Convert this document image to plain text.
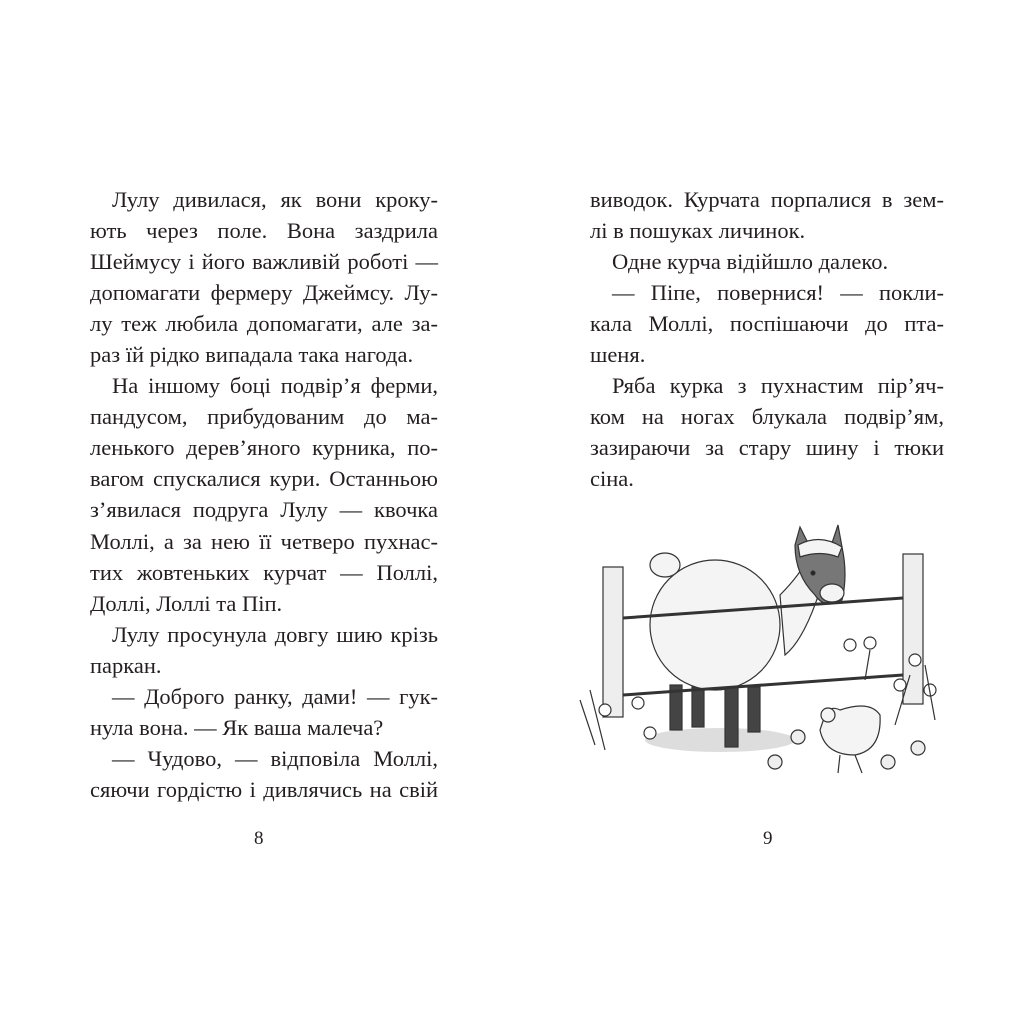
Лулу дивилася, як вони кроку-
ють через поле. Вона заздрила
Шеймусу і його важливій роботі —
допомагати фермеру Джеймсу. Лу-
лу теж любила допомагати, але за-
раз їй рідко випадала така нагода.
На іншому боці подвір’я ферми,
пандусом, прибудованим до ма-
ленького дерев’яного курника, по-
вагом спускалися кури. Останньою
з’явилася подруга Лулу — квочка
Моллі, а за нею її четверо пухнас-
тих жовтеньких курчат — Поллі,
Доллі, Лоллі та Піп.
Лулу просунула довгу шию крізь
паркан.
— Доброго ранку, дами! — гук-
нула вона. — Як ваша малеча?
— Чудово, — відповіла Моллі,
сяючи гордістю і дивлячись на свій
виводок. Курчата порпалися в зем-
лі в пошуках личинок.
Одне курча відійшло далеко.
— Піпе, повернися! — покли-
кала Моллі, поспішаючи до пта-
шеня.
Ряба курка з пухнастим пір’яч-
ком на ногах блукала подвір’ям,
зазираючи за стару шину і тюки
сіна.
8	9
